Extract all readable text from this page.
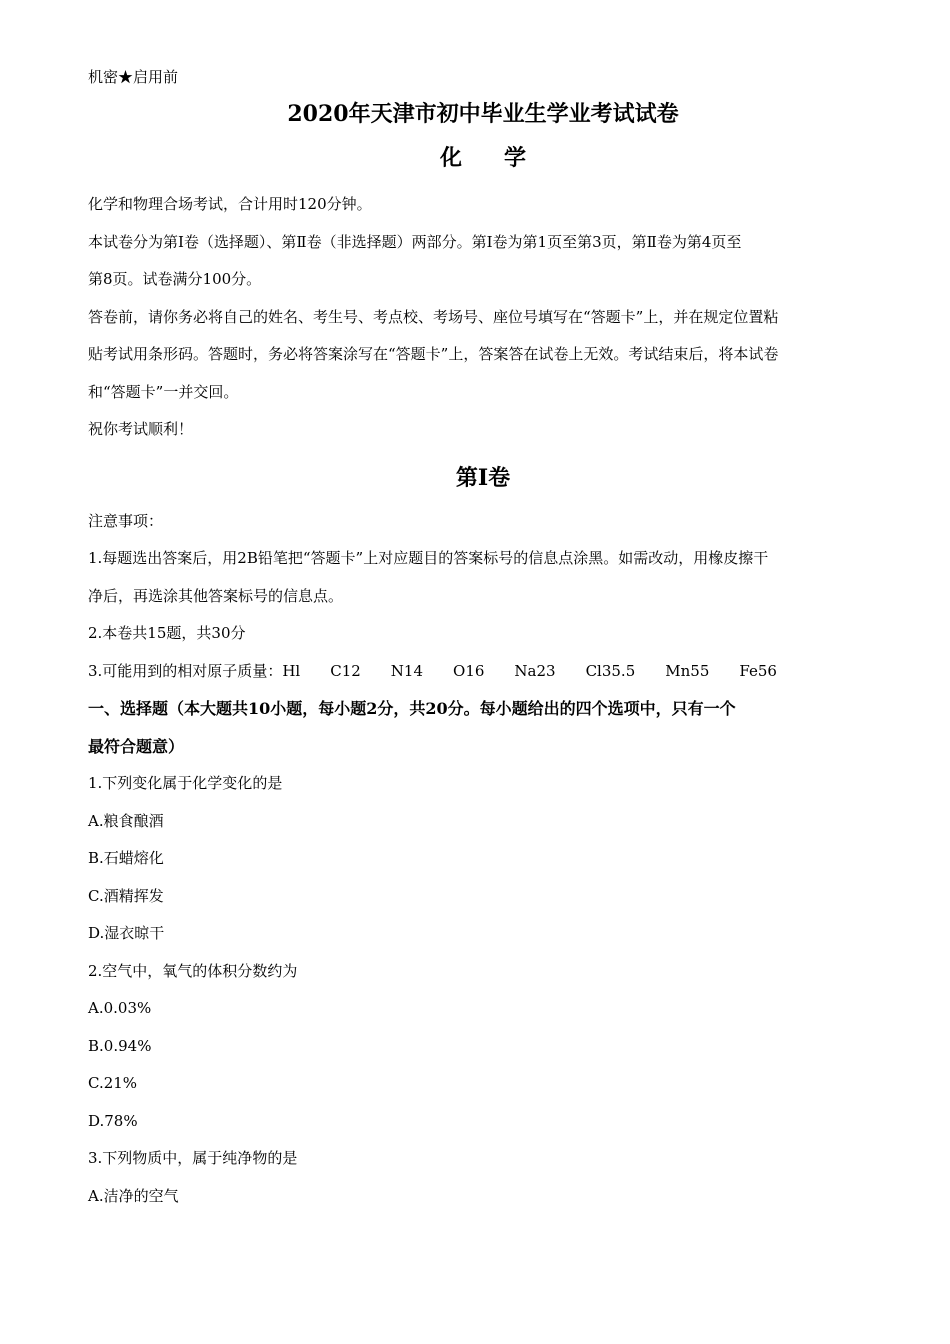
机密★启用前
2020年天津市初中毕业生学业考试试卷
化学
化学和物理合场考试，合计用时120分钟。
本试卷分为第Ⅰ卷（选择题）、第Ⅱ卷（非选择题）两部分。第Ⅰ卷为第1页至第3页，第Ⅱ卷为第4页至
第8页。试卷满分100分。
答卷前，请你务必将自己的姓名、考生号、考点校、考场号、座位号填写在“答题卡”上，并在规定位置粘
贴考试用条形码。答题时，务必将答案涂写在“答题卡”上，答案答在试卷上无效。考试结束后，将本试卷
和“答题卡”一并交回。
祝你考试顺利！
第Ⅰ卷
注意事项：
1.每题选出答案后，用2B铅笔把“答题卡”上对应题目的答案标号的信息点涂黑。如需改动，用橡皮擦干
净后，再选涂其他答案标号的信息点。
2.本卷共15题，共30分
3.可能用到的相对原子质量：Hl C12 N14 O16 Na23 Cl35.5 Mn55 Fe56
一、选择题（本大题共10小题，每小题2分，共20分。每小题给出的四个选项中，只有一个
最符合题意）
1.下列变化属于化学变化的是
A.粮食酿酒
B.石蜡熔化
C.酒精挥发
D.湿衣晾干
2.空气中，氧气的体积分数约为
A.0.03%
B.0.94%
C.21%
D.78%
3.下列物质中，属于纯净物的是
A.洁净的空气
